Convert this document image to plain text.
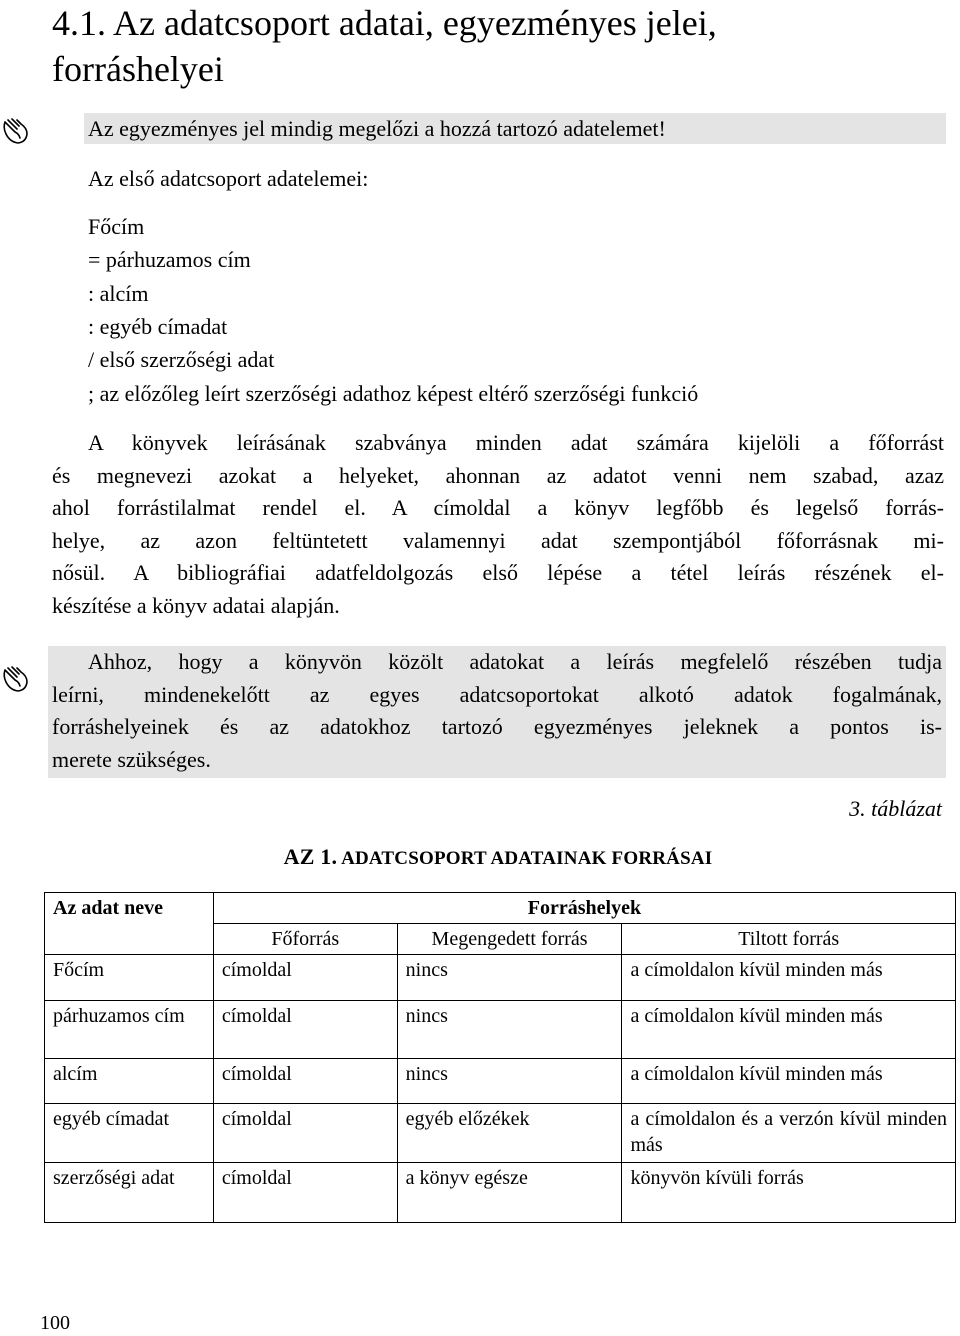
4.1. Az adatcsoport adatai, egyezményes jelei,
forráshelyei
Az egyezményes jel mindig megelőzi a hozzá tartozó adatelemet!
Az első adatcsoport adatelemei:
Főcím
= párhuzamos cím
: alcím
: egyéb címadat
/ első szerzőségi adat
; az előzőleg leírt szerzőségi adathoz képest eltérő szerzőségi funkció
A könyvek leírásának szabványa minden adat számára kijelöli a főforrást
és megnevezi azokat a helyeket, ahonnan az adatot venni nem szabad, azaz
ahol forrástilalmat rendel el. A címoldal a könyv legfőbb és legelső forrás-
helye, az azon feltüntetett valamennyi adat szempontjából főforrásnak mi-
nősül. A bibliográfiai adatfeldolgozás első lépése a tétel leírás részének el-
készítése a könyv adatai alapján.
Ahhoz, hogy a könyvön közölt adatokat a leírás megfelelő részében tudja
leírni, mindenekelőtt az egyes adatcsoportokat alkotó adatok fogalmának,
forráshelyeinek és az adatokhoz tartozó egyezményes jeleknek a pontos is-
merete szükséges.
3. táblázat
AZ 1. ADATCSOPORT ADATAINAK FORRÁSAI
Az adat neve	Forráshelyek		
	Főforrás	Megengedett forrás	Tiltott forrás
Főcím	címoldal	nincs	a címoldalon kívül minden más
párhuzamos cím	címoldal	nincs	a címoldalon kívül minden más
alcím	címoldal	nincs	a címoldalon kívül minden más
egyéb címadat	címoldal	egyéb előzékek	a címoldalon és a verzón kívül minden más
szerzőségi adat	címoldal	a könyv egésze	könyvön kívüli forrás
100
